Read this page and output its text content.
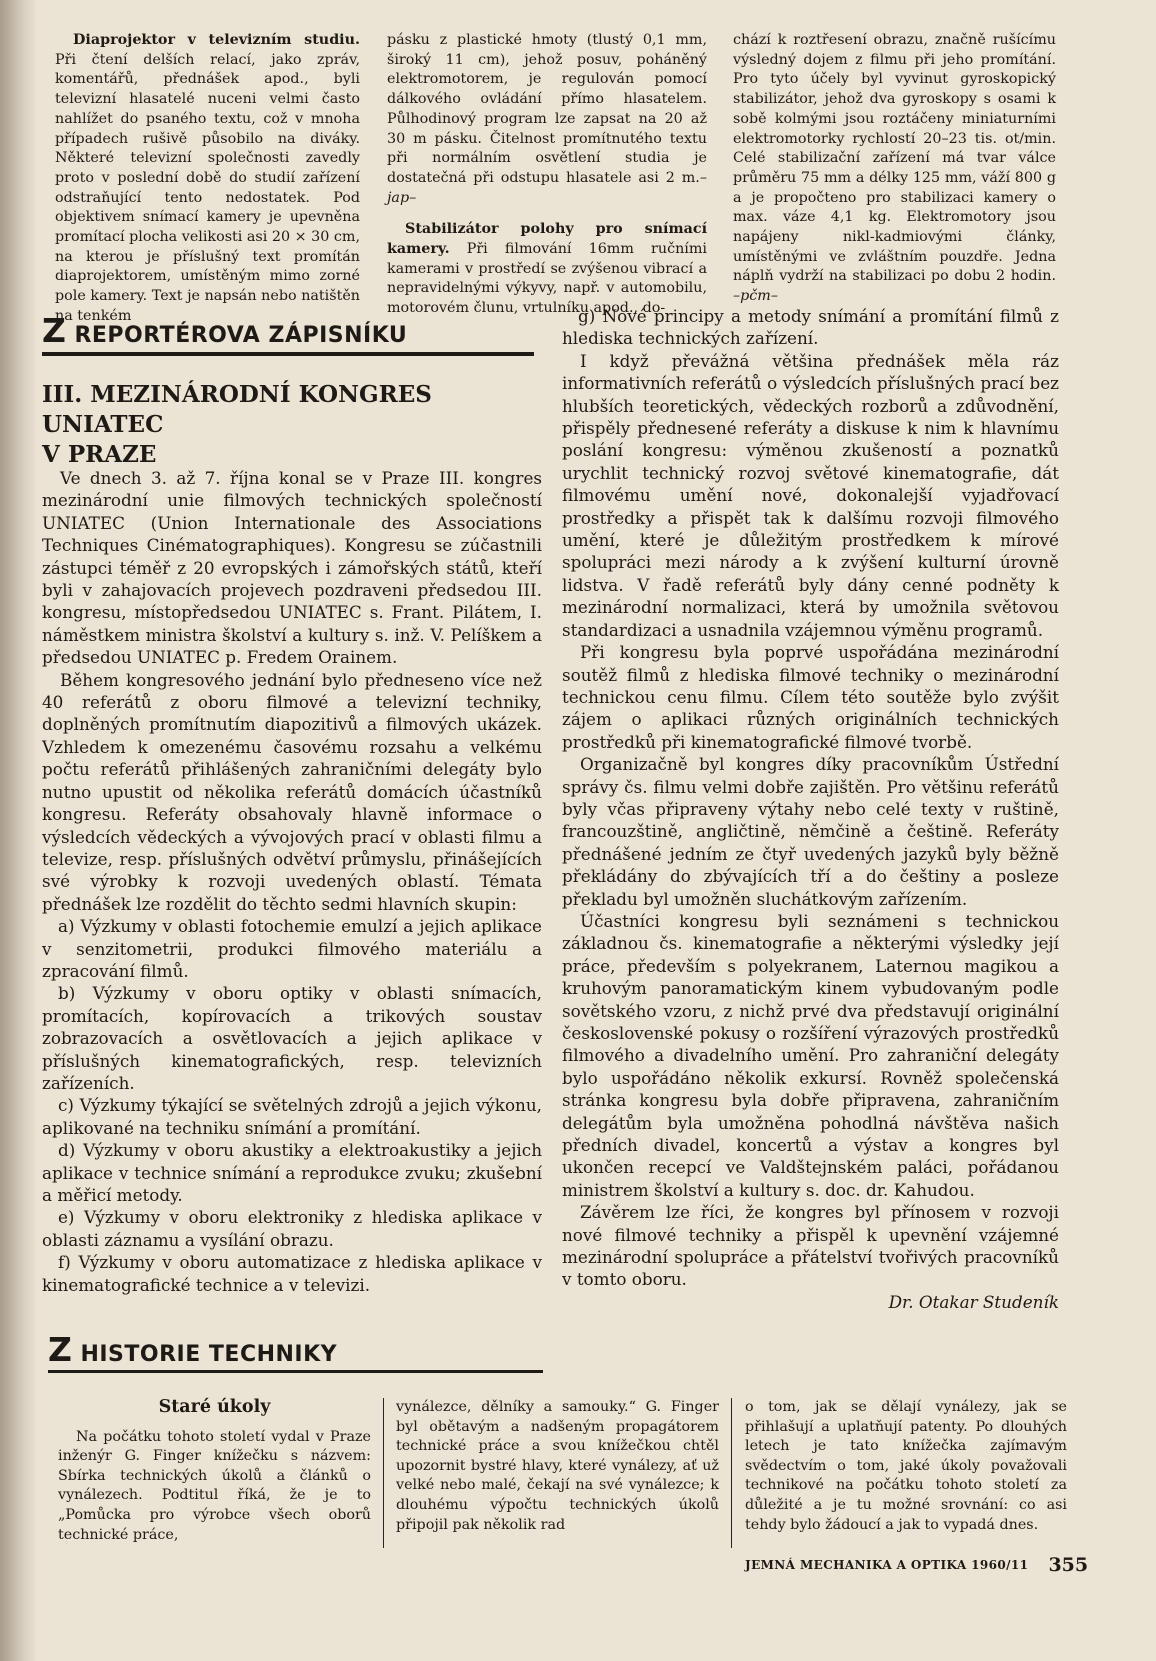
Diaprojektor v televizním studiu. Při čtení delších relací, jako zpráv, komentářů, přednášek apod., byli televizní hlasatelé nuceni velmi často nahlížet do psaného textu, což v mnoha případech rušivě působilo na diváky. Některé televizní společnosti zavedly proto v poslední době do studií zařízení odstraňující tento nedostatek. Pod objektivem snímací kamery je upevněna promítací plocha velikosti asi 20 × 30 cm, na kterou je příslušný text promítán diaprojektorem, umístěným mimo zorné pole kamery. Text je napsán nebo natištěn na tenkém

pásku z plastické hmoty (tlustý 0,1 mm, široký 11 cm), jehož posuv, poháněný elektromotorem, je regulován pomocí dálkového ovládání přímo hlasatelem. Půlhodinový program lze zapsat na 20 až 30 m pásku. Čitelnost promítnutého textu při normálním osvětlení studia je dostatečná při odstupu hlasatele asi 2 m.–jap–

Stabilizátor polohy pro snímací kamery. Při filmování 16mm ručními kamerami v prostředí se zvýšenou vibrací a nepravidelnými výkyvy, např. v automobilu, motorovém člunu, vrtulníku apod., do-

chází k roztřesení obrazu, značně rušícímu výsledný dojem z filmu při jeho promítání. Pro tyto účely byl vyvinut gyroskopický stabilizátor, jehož dva gyroskopy s osami k sobě kolmými jsou roztáčeny miniaturními elektromotorky rychlostí 20–23 tis. ot/min. Celé stabilizační zařízení má tvar válce průměru 75 mm a délky 125 mm, váží 800 g a je propočteno pro stabilizaci kamery o max. váze 4,1 kg. Elektromotory jsou napájeny nikl-kadmiovými články, umístěnými ve zvláštním pouzdře. Jedna náplň vydrží na stabilizaci po dobu 2 hodin. –pčm–

Z REPORTÉROVA ZÁPISNÍKU
III. MEZINÁRODNÍ KONGRES UNIATEC
V PRAZE

Ve dnech 3. až 7. října konal se v Praze III. kongres mezinárodní unie filmových technických společností UNIATEC (Union Internationale des Associations Techniques Cinématographiques). Kongresu se zúčastnili zástupci téměř z 20 evropských i zámořských států, kteří byli v zahajovacích projevech pozdraveni předsedou III. kongresu, místopředsedou UNIATEC s. Frant. Pilátem, I. náměstkem ministra školství a kultury s. inž. V. Pelíškem a předsedou UNIATEC p. Fredem Orainem.

Během kongresového jednání bylo předneseno více než 40 referátů z oboru filmové a televizní techniky, doplněných promítnutím diapozitivů a filmových ukázek. Vzhledem k omezenému časovému rozsahu a velkému počtu referátů přihlášených zahraničními delegáty bylo nutno upustit od několika referátů domácích účastníků kongresu. Referáty obsahovaly hlavně informace o výsledcích vědeckých a vývojových prací v oblasti filmu a televize, resp. příslušných odvětví průmyslu, přinášejících své výrobky k rozvoji uvedených oblastí. Témata přednášek lze rozdělit do těchto sedmi hlavních skupin:

a) Výzkumy v oblasti fotochemie emulzí a jejich aplikace v senzitometrii, produkci filmového materiálu a zpracování filmů.

b) Výzkumy v oboru optiky v oblasti snímacích, promítacích, kopírovacích a trikových soustav zobrazovacích a osvětlovacích a jejich aplikace v příslušných kinematografických, resp. televizních zařízeních.

c) Výzkumy týkající se světelných zdrojů a jejich výkonu, aplikované na techniku snímání a promítání.

d) Výzkumy v oboru akustiky a elektroakustiky a jejich aplikace v technice snímání a reprodukce zvuku; zkušební a měřicí metody.

e) Výzkumy v oboru elektroniky z hlediska aplikace v oblasti záznamu a vysílání obrazu.

f) Výzkumy v oboru automatizace z hlediska aplikace v kinematografické technice a v televizi.

g) Nové principy a metody snímání a promítání filmů z hlediska technických zařízení.

I když převážná většina přednášek měla ráz informativních referátů o výsledcích příslušných prací bez hlubších teoretických, vědeckých rozborů a zdůvodnění, přispěly přednesené referáty a diskuse k nim k hlavnímu poslání kongresu: výměnou zkušeností a poznatků urychlit technický rozvoj světové kinematografie, dát filmovému umění nové, dokonalejší vyjadřovací prostředky a přispět tak k dalšímu rozvoji filmového umění, které je důležitým prostředkem k mírové spolupráci mezi národy a k zvýšení kulturní úrovně lidstva. V řadě referátů byly dány cenné podněty k mezinárodní normalizaci, která by umožnila světovou standardizaci a usnadnila vzájemnou výměnu programů.

Při kongresu byla poprvé uspořádána mezinárodní soutěž filmů z hlediska filmové techniky o mezinárodní technickou cenu filmu. Cílem této soutěže bylo zvýšit zájem o aplikaci různých originálních technických prostředků při kinematografické filmové tvorbě.

Organizačně byl kongres díky pracovníkům Ústřední správy čs. filmu velmi dobře zajištěn. Pro většinu referátů byly včas připraveny výtahy nebo celé texty v ruštině, francouzštině, angličtině, němčině a češtině. Referáty přednášené jedním ze čtyř uvedených jazyků byly běžně překládány do zbývajících tří a do češtiny a posleze překladu byl umožněn sluchátkovým zařízením.

Účastníci kongresu byli seznámeni s technickou základnou čs. kinematografie a některými výsledky její práce, především s polyekranem, Laternou magikou a kruhovým panoramatickým kinem vybudovaným podle sovětského vzoru, z nichž prvé dva představují originální československé pokusy o rozšíření výrazových prostředků filmového a divadelního umění. Pro zahraniční delegáty bylo uspořádáno několik exkursí. Rovněž společenská stránka kongresu byla dobře připravena, zahraničním delegátům byla umožněna pohodlná návštěva našich předních divadel, koncertů a výstav a kongres byl ukončen recepcí ve Valdštejnském paláci, pořádanou ministrem školství a kultury s. doc. dr. Kahudou.

Závěrem lze říci, že kongres byl přínosem v rozvoji nové filmové techniky a přispěl k upevnění vzájemné mezinárodní spolupráce a přátelství tvořivých pracovníků v tomto oboru.

Dr. Otakar Studeník

Z HISTORIE TECHNIKY

Staré úkoly

Na počátku tohoto století vydal v Praze inženýr G. Finger knížečku s názvem: Sbírka technických úkolů a článků o vynálezech. Podtitul říká, že je to „Pomůcka pro výrobce všech oborů technické práce,

vynálezce, dělníky a samouky.“ G. Finger byl obětavým a nadšeným propagátorem technické práce a svou knížečkou chtěl upozornit bystré hlavy, které vynálezy, ať už velké nebo malé, čekají na své vynálezce; k dlouhému výpočtu technických úkolů připojil pak několik rad

o tom, jak se dělají vynálezy, jak se přihlašují a uplatňují patenty. Po dlouhých letech je tato knížečka zajímavým svědectvím o tom, jaké úkoly považovali technikové na počátku tohoto století za důležité a je tu možné srovnání: co asi tehdy bylo žádoucí a jak to vypadá dnes.

JEMNÁ MECHANIKA A OPTIKA 1960/11 355
